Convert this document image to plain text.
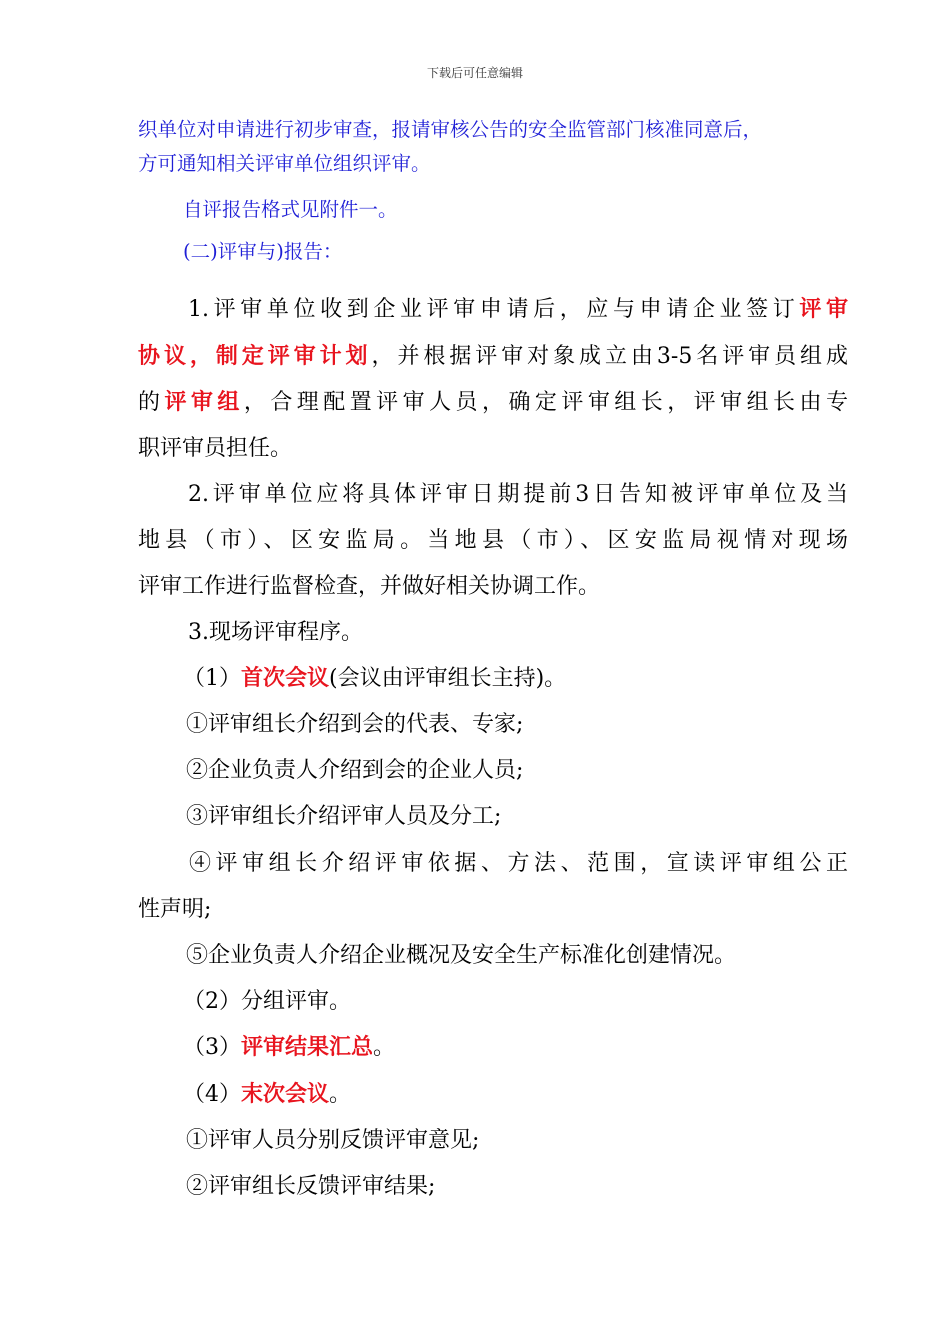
下载后可任意编辑
织单位对申请进行初步审查，报请审核公告的安全监管部门核准同意后，
方可通知相关评审单位组织评审。
自评报告格式见附件一。
(二)评审与)报告：
1.评审单位收到企业评审申请后，应与申请企业签订评审
协议，制定评审计划，并根据评审对象成立由3-5名评审员组成
的评审组，合理配置评审人员，确定评审组长，评审组长由专
职评审员担任。
2.评审单位应将具体评审日期提前3日告知被评审单位及当
地县（市）、区安监局。当地县（市）、区安监局视情对现场
评审工作进行监督检查，并做好相关协调工作。
3.现场评审程序。
（1）首次会议(会议由评审组长主持)。
①评审组长介绍到会的代表、专家;
②企业负责人介绍到会的企业人员;
③评审组长介绍评审人员及分工;
④评审组长介绍评审依据、方法、范围，宣读评审组公正
性声明;
⑤企业负责人介绍企业概况及安全生产标准化创建情况。
（2）分组评审。
（3）评审结果汇总。
（4）末次会议。
①评审人员分别反馈评审意见;
②评审组长反馈评审结果;
